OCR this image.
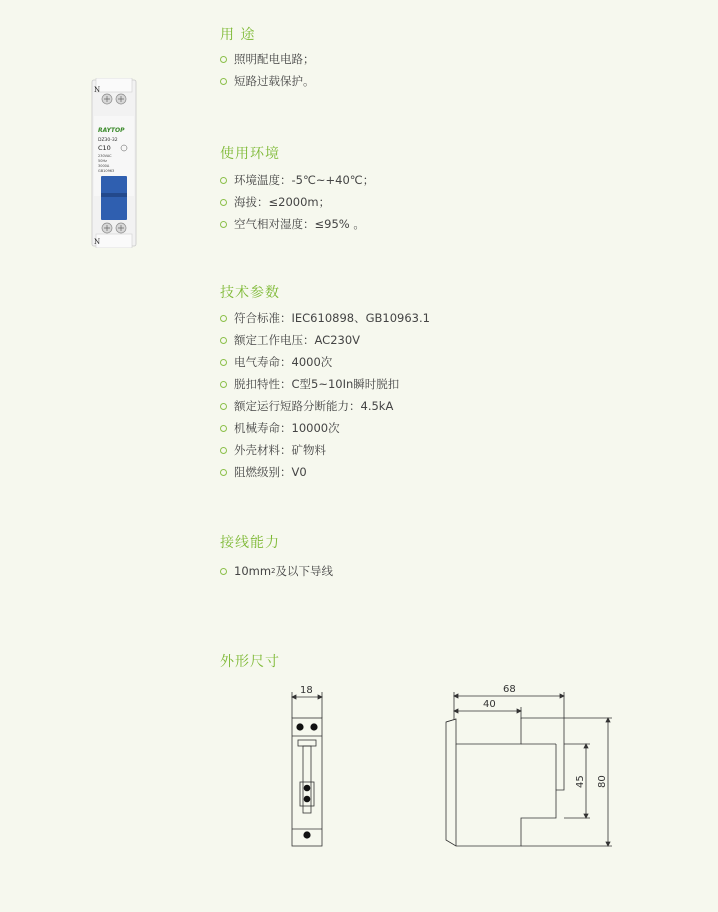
N
RAYTOP
DZ30-32
C10
230VAC
50Hz
3000A
GB10963
N
用 途
照明配电电路；
短路过载保护。
使用环境
环境温度：-5℃~+40℃；
海拔：≤2000m；
空气相对湿度：≤95% 。
技术参数
符合标准：IEC610898、GB10963.1
额定工作电压：AC230V
电气寿命：4000次
脱扣特性：C型5~10In瞬时脱扣
额定运行短路分断能力：4.5kA
机械寿命：10000次
外壳材料：矿物料
阻燃级别：V0
接线能力
10mm 2 及以下导线
外形尺寸
18	68
40
45 80
